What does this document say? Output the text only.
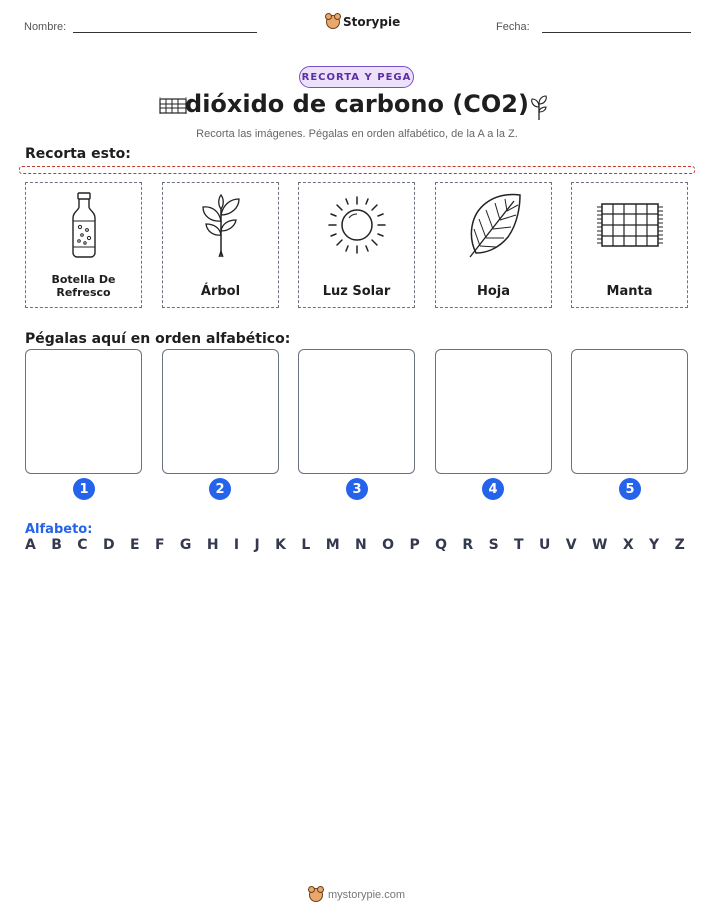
Nombre:	Storypie	Fecha:
RECORTA Y PEGA
dióxido de carbono (CO2)
Recorta las imágenes. Pégalas en orden alfabético, de la A a la Z.
Recorta esto:
Botella De Refresco	Árbol	Luz Solar	Hoja	Manta
Pégalas aquí en orden alfabético:
1	2	3	4	5
Alfabeto:
A B C D E F G H I J K L M N O P Q R S T U V W X Y Z
mystorypie.com
